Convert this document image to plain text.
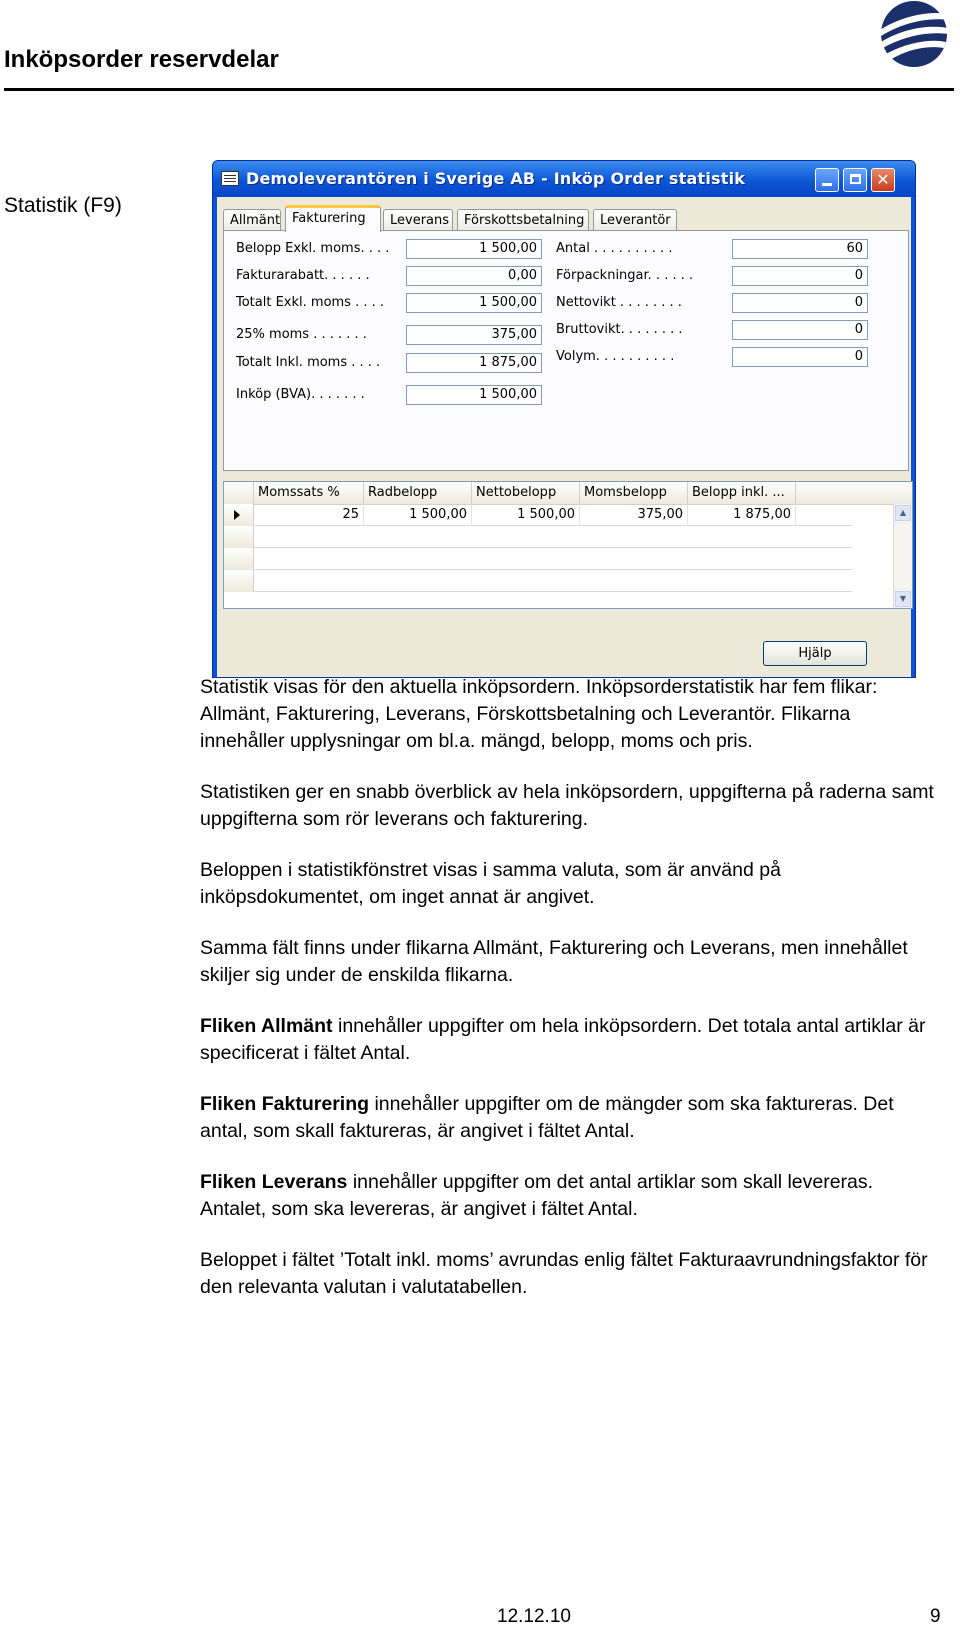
Inköpsorder reservdelar
Statistik (F9)
Demoleverantören i Sverige AB - Inköp Order statistik	✕
Allmänt Fakturering	Leverans	Förskottsbetalning	Leverantör
Belopp Exkl. moms. . . .	1 500,00
Fakturarabatt. . . . . .	0,00
Totalt Exkl. moms . . . .	1 500,00
25% moms . . . . . . .	375,00
Totalt Inkl. moms . . . .	1 875,00
Inköp (BVA). . . . . . .	1 500,00
Antal . . . . . . . . . .	60
Förpackningar. . . . . .	0
Nettovikt . . . . . . . .	0
Bruttovikt. . . . . . . .	0
Volym. . . . . . . . . .	0
Momssats %	Radbelopp	Nettobelopp	Momsbelopp	Belopp inkl. ...
25	1 500,00	1 500,00	375,00	1 875,00	▲
▼
Hjälp
Statistik visas för den aktuella inköpsordern. Inköpsorderstatistik har fem flikar: Allmänt, Fakturering, Leverans, Förskottsbetalning och Leverantör. Flikarna innehåller upplysningar om bl.a. mängd, belopp, moms och pris.
Statistiken ger en snabb överblick av hela inköpsordern, uppgifterna på raderna samt uppgifterna som rör leverans och fakturering.
Beloppen i statistikfönstret visas i samma valuta, som är använd på inköpsdokumentet, om inget annat är angivet.
Samma fält finns under flikarna Allmänt, Fakturering och Leverans, men innehållet skiljer sig under de enskilda flikarna.
Fliken Allmänt innehåller uppgifter om hela inköpsordern. Det totala antal artiklar är specificerat i fältet Antal.
Fliken Fakturering innehåller uppgifter om de mängder som ska faktureras. Det antal, som skall faktureras, är angivet i fältet Antal.
Fliken Leverans innehåller uppgifter om det antal artiklar som skall levereras. Antalet, som ska levereras, är angivet i fältet Antal.
Beloppet i fältet ’Totalt inkl. moms’ avrundas enlig fältet Fakturaavrundningsfaktor för den relevanta valutan i valutatabellen.
12.12.10	9
